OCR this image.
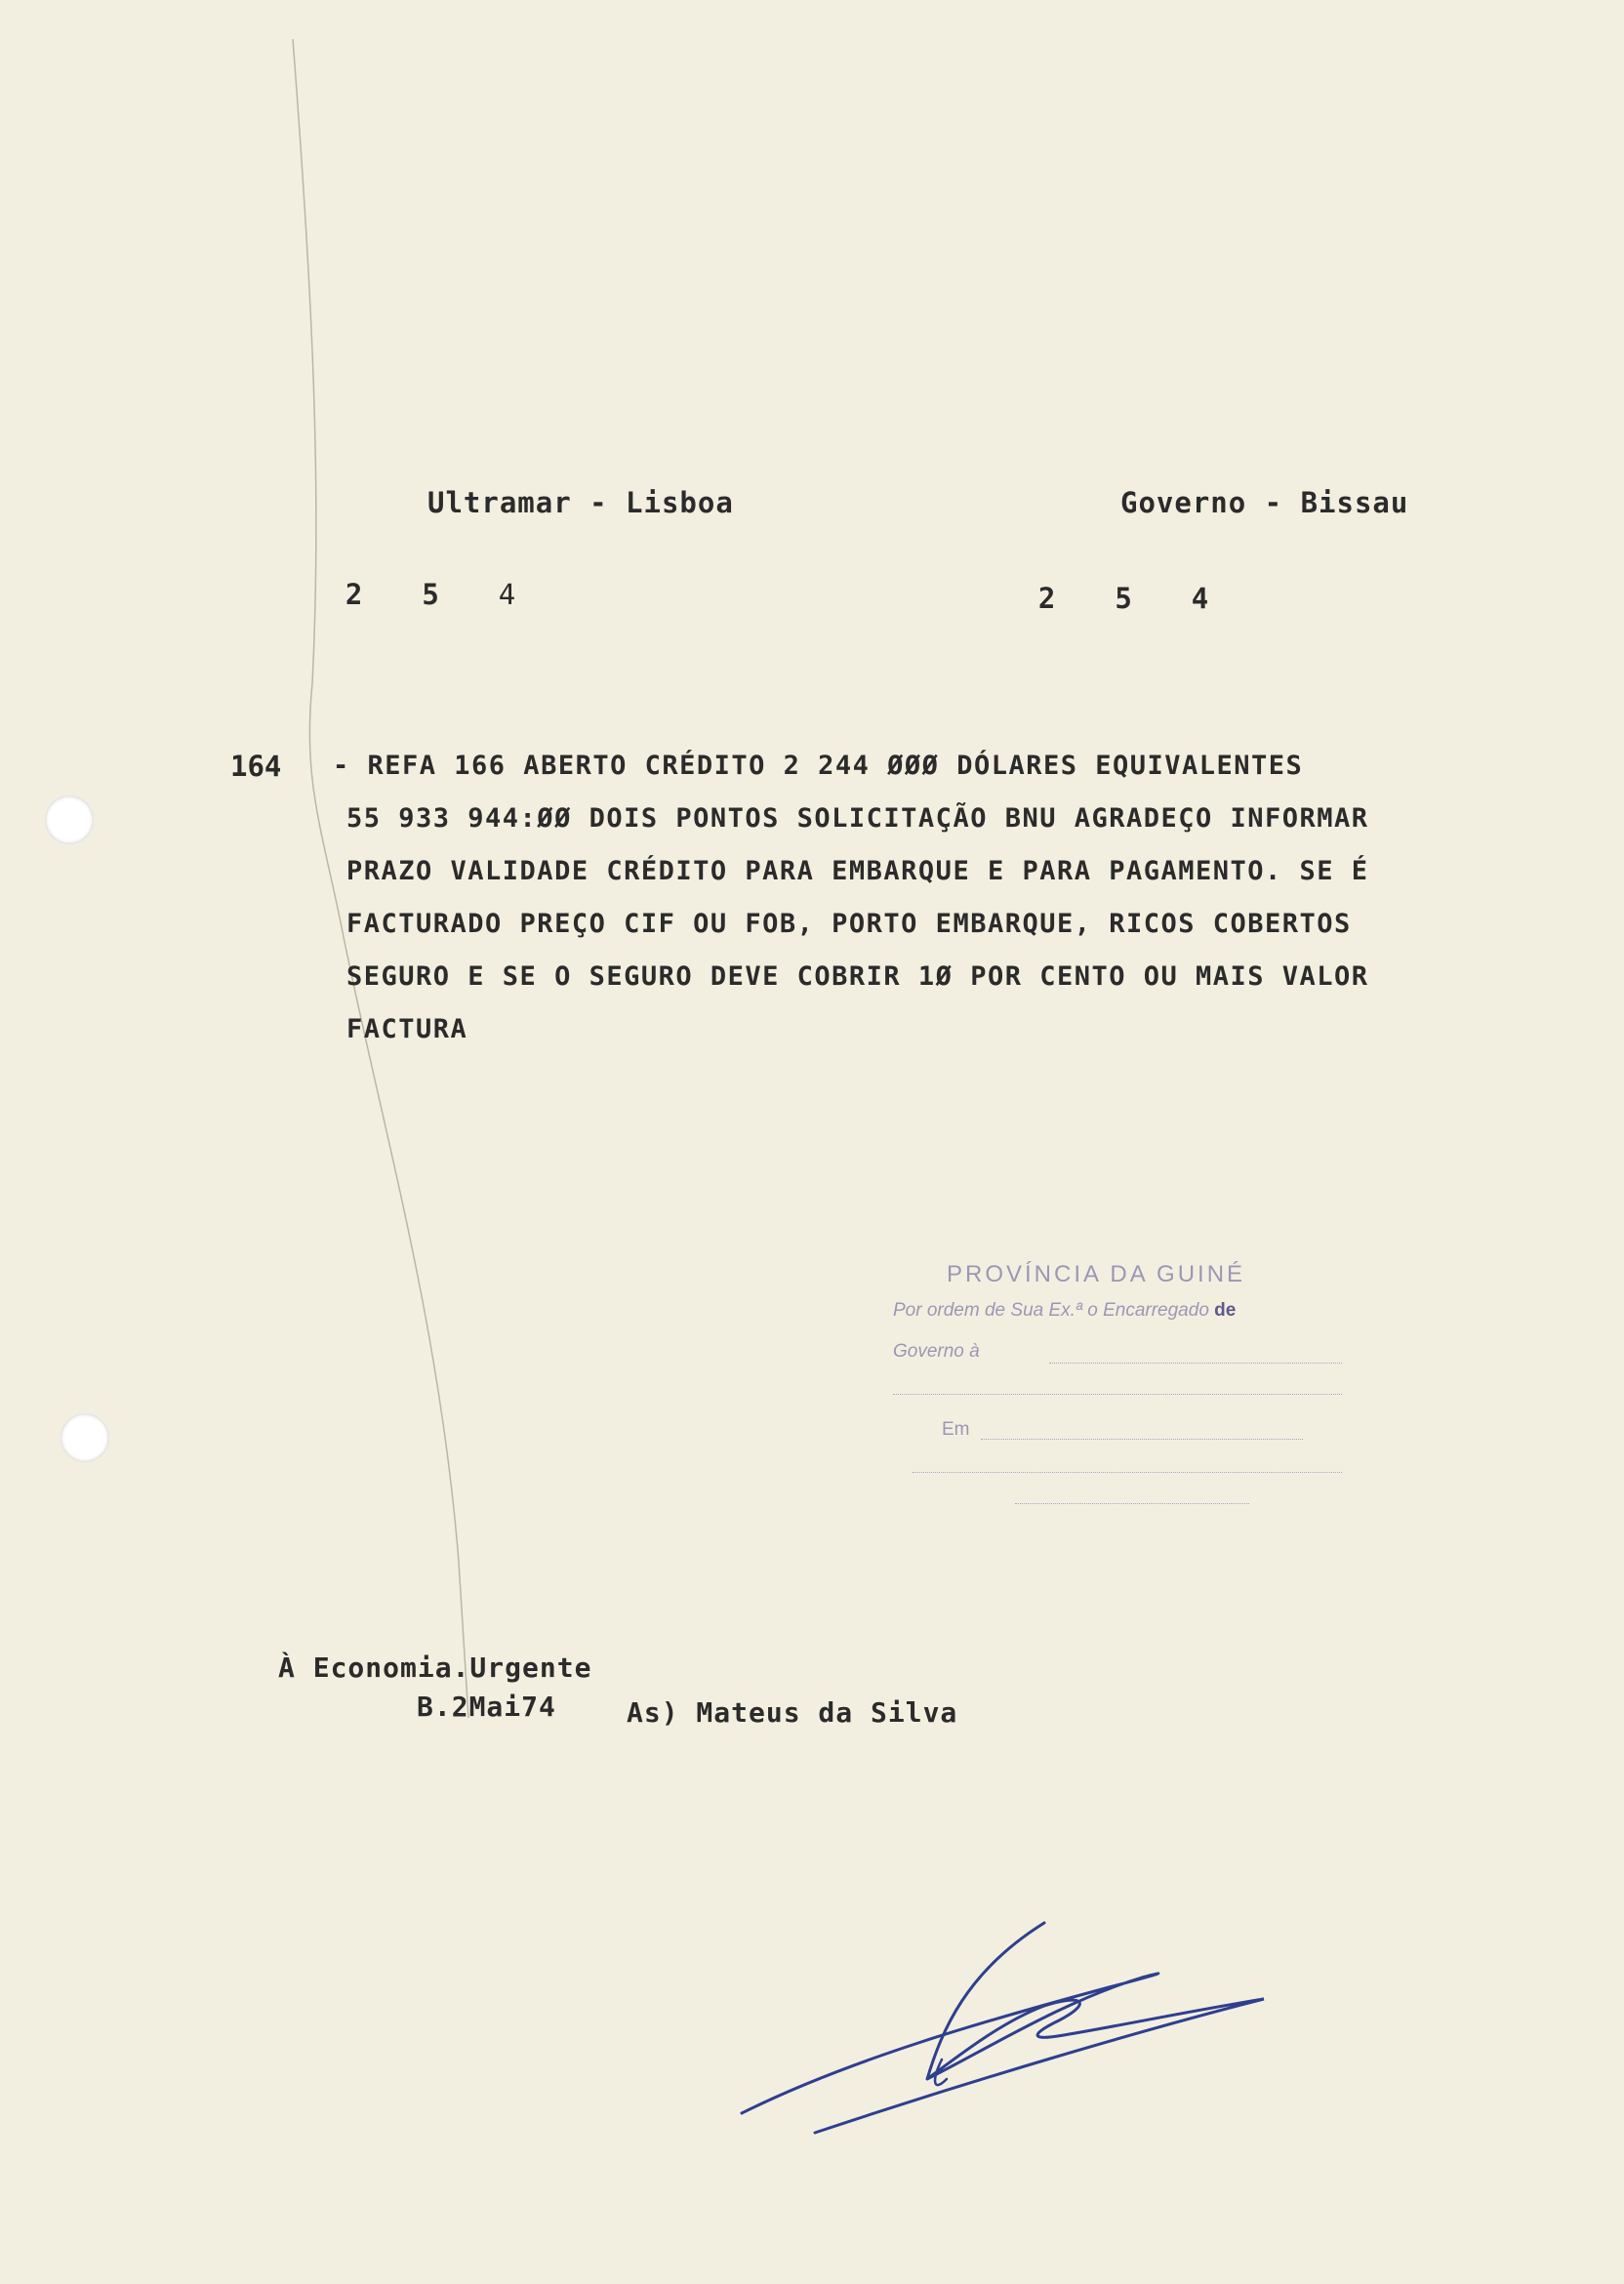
Ultramar - Lisboa	Governo - Bissau

2 5 4
	2 5 4

164	- REFA 166 ABERTO CRÉDITO 2 244 ØØØ DÓLARES EQUIVALENTES
55 933 944:ØØ DOIS PONTOS SOLICITAÇÃO BNU AGRADEÇO INFORMAR
PRAZO VALIDADE CRÉDITO PARA EMBARQUE E PARA PAGAMENTO. SE É
FACTURADO PREÇO CIF OU FOB, PORTO EMBARQUE, RICOS COBERTOS
SEGURO E SE O SEGURO DEVE COBRIR 1Ø POR CENTO OU MAIS VALOR
FACTURA
PROVÍNCIA DA GUINÉ
Por ordem de Sua Ex.ª o Encarregado de
Governo à
Em
À Economia.Urgente
B.2Mai74	As) Mateus da Silva
